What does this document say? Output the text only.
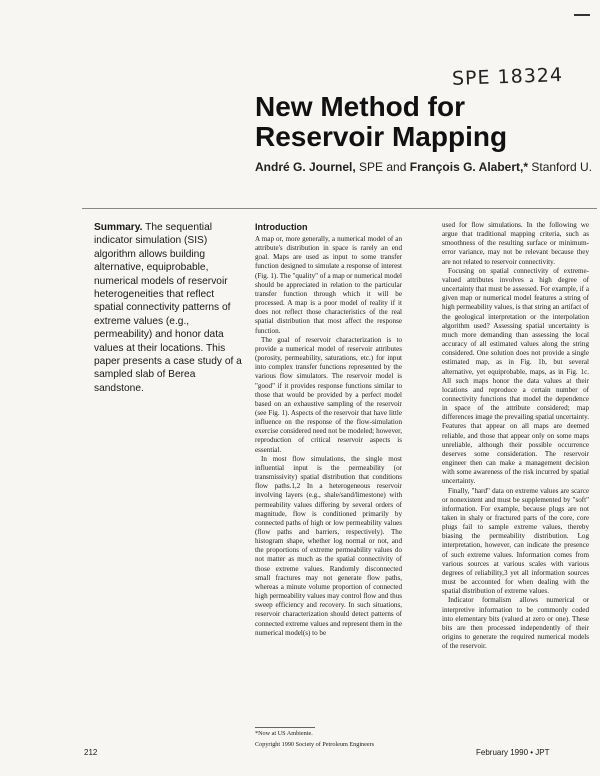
SPE 18324
New Method for Reservoir Mapping
André G. Journel, SPE and François G. Alabert,* Stanford U.

Summary. The sequential indicator simulation (SIS) algorithm allows building alternative, equiprobable, numerical models of reservoir heterogeneities that reflect spatial connectivity patterns of extreme values (e.g., permeability) and honor data values at their locations. This paper presents a case study of a sampled slab of Berea sandstone.

Introduction

A map or, more generally, a numerical model of an attribute's distribution in space is rarely an end goal. Maps are used as input to some transfer function designed to simulate a response of interest (Fig. 1). The "quality" of a map or numerical model should be appreciated in relation to the particular transfer function through which it will be processed. A map is a poor model of reality if it does not reflect those characteristics of the real spatial distribution that most affect the response function.

The goal of reservoir characterization is to provide a numerical model of reservoir attributes (porosity, permeability, saturations, etc.) for input into complex transfer functions represented by the various flow simulators. The reservoir model is "good" if it provides response functions similar to those that would be provided by a perfect model based on an exhaustive sampling of the reservoir (see Fig. 1). Aspects of the reservoir that have little influence on the response of the flow-simulation exercise considered need not be modeled; however, reproduction of critical reservoir aspects is essential.

In most flow simulations, the single most influential input is the permeability (or transmissivity) spatial distribution that conditions flow paths.1,2 In a heterogeneous reservoir involving layers (e.g., shale/sand/limestone) with permeability values differing by several orders of magnitude, flow is conditioned primarily by connected paths of high or low permeability values (flow paths and barriers, respectively). The histogram shape, whether log normal or not, and the proportions of extreme permeability values do not matter as much as the spatial connectivity of those extreme values. Randomly disconnected small fractures may not generate flow paths, whereas a minute volume proportion of connected high permeability values may control flow and thus sweep efficiency and recovery. In such situations, reservoir characterization should detect patterns of connected extreme values and represent them in the numerical model(s) to be

used for flow simulations. In the following we argue that traditional mapping criteria, such as smoothness of the resulting surface or minimum-error variance, may not be relevant because they are not related to reservoir connectivity.

Focusing on spatial connectivity of extreme-valued attributes involves a high degree of uncertainty that must be assessed. For example, if a given map or numerical model features a string of high permeability values, is that string an artifact of the geological interpretation or the interpolation algorithm used? Assessing spatial uncertainty is much more demanding than assessing the local accuracy of all estimated values along the string considered. One solution does not provide a single estimated map, as in Fig. 1b, but several alternative, yet equiprobable, maps, as in Fig. 1c. All such maps honor the data values at their locations and reproduce a certain number of connectivity functions that model the dependence in space of the attribute considered; map differences image the prevailing spatial uncertainty. Features that appear on all maps are deemed reliable, and those that appear only on some maps unreliable, although their possible occurrence deserves some consideration. The reservoir engineer then can make a management decision with some awareness of the risk incurred by spatial uncertainty.

Finally, "hard" data on extreme values are scarce or nonexistent and must be supplemented by "soft" information. For example, because plugs are not taken in shaly or fractured parts of the core, core plugs fail to sample extreme values, thereby biasing the permeability distribution. Log interpretation, however, can indicate the presence of such extreme values. Information comes from various sources at various scales with various degrees of reliability,3 yet all information sources must be accounted for when dealing with the spatial distribution of extreme values.

Indicator formalism allows numerical or interpretive information to be commonly coded into elementary bits (valued at zero or one). These bits are then processed independently of their origins to generate the required numerical models of the reservoir.

*Now at US Ambiente.
Copyright 1990 Society of Petroleum Engineers
212	February 1990 • JPT
